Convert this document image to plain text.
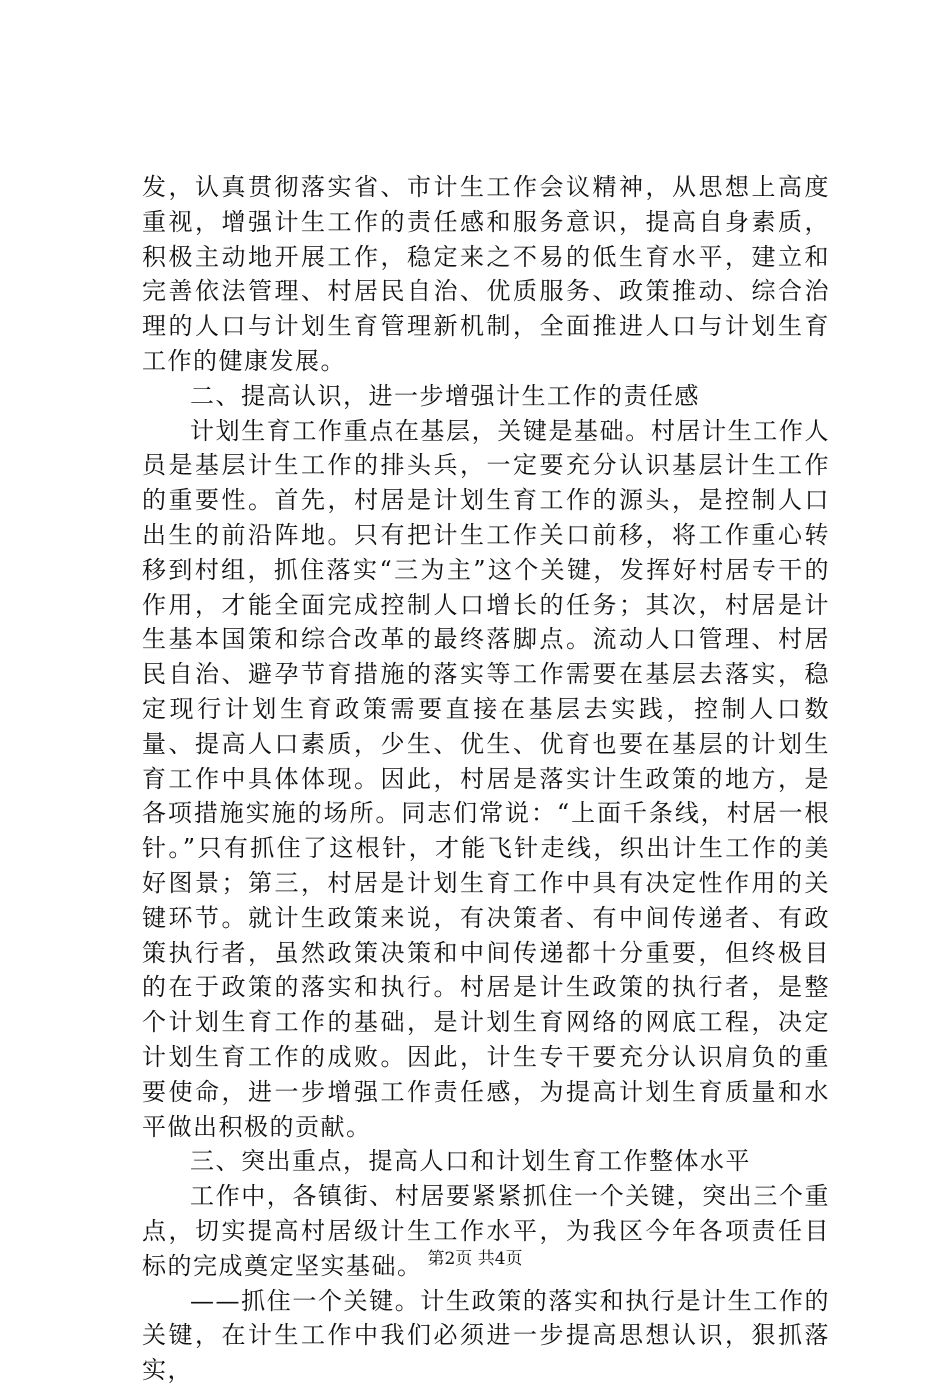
发，认真贯彻落实省、市计生工作会议精神，从思想上高度重视，增强计生工作的责任感和服务意识，提高自身素质，积极主动地开展工作，稳定来之不易的低生育水平，建立和完善依法管理、村居民自治、优质服务、政策推动、综合治理的人口与计划生育管理新机制，全面推进人口与计划生育工作的健康发展。

二、提高认识，进一步增强计生工作的责任感

计划生育工作重点在基层，关键是基础。村居计生工作人员是基层计生工作的排头兵，一定要充分认识基层计生工作的重要性。首先，村居是计划生育工作的源头，是控制人口出生的前沿阵地。只有把计生工作关口前移，将工作重心转移到村组，抓住落实“三为主”这个关键，发挥好村居专干的作用，才能全面完成控制人口增长的任务；其次，村居是计生基本国策和综合改革的最终落脚点。流动人口管理、村居民自治、避孕节育措施的落实等工作需要在基层去落实，稳定现行计划生育政策需要直接在基层去实践，控制人口数量、提高人口素质，少生、优生、优育也要在基层的计划生育工作中具体体现。因此，村居是落实计生政策的地方，是各项措施实施的场所。同志们常说：“上面千条线，村居一根针。”只有抓住了这根针，才能飞针走线，织出计生工作的美好图景；第三，村居是计划生育工作中具有决定性作用的关键环节。就计生政策来说，有决策者、有中间传递者、有政策执行者，虽然政策决策和中间传递都十分重要，但终极目的在于政策的落实和执行。村居是计生政策的执行者，是整个计划生育工作的基础，是计划生育网络的网底工程，决定计划生育工作的成败。因此，计生专干要充分认识肩负的重要使命，进一步增强工作责任感，为提高计划生育质量和水平做出积极的贡献。

三、突出重点，提高人口和计划生育工作整体水平

工作中，各镇街、村居要紧紧抓住一个关键，突出三个重点，切实提高村居级计生工作水平，为我区今年各项责任目标的完成奠定坚实基础。

——抓住一个关键。计生政策的落实和执行是计生工作的关键，在计生工作中我们必须进一步提高思想认识，狠抓落实，

第2页 共4页
